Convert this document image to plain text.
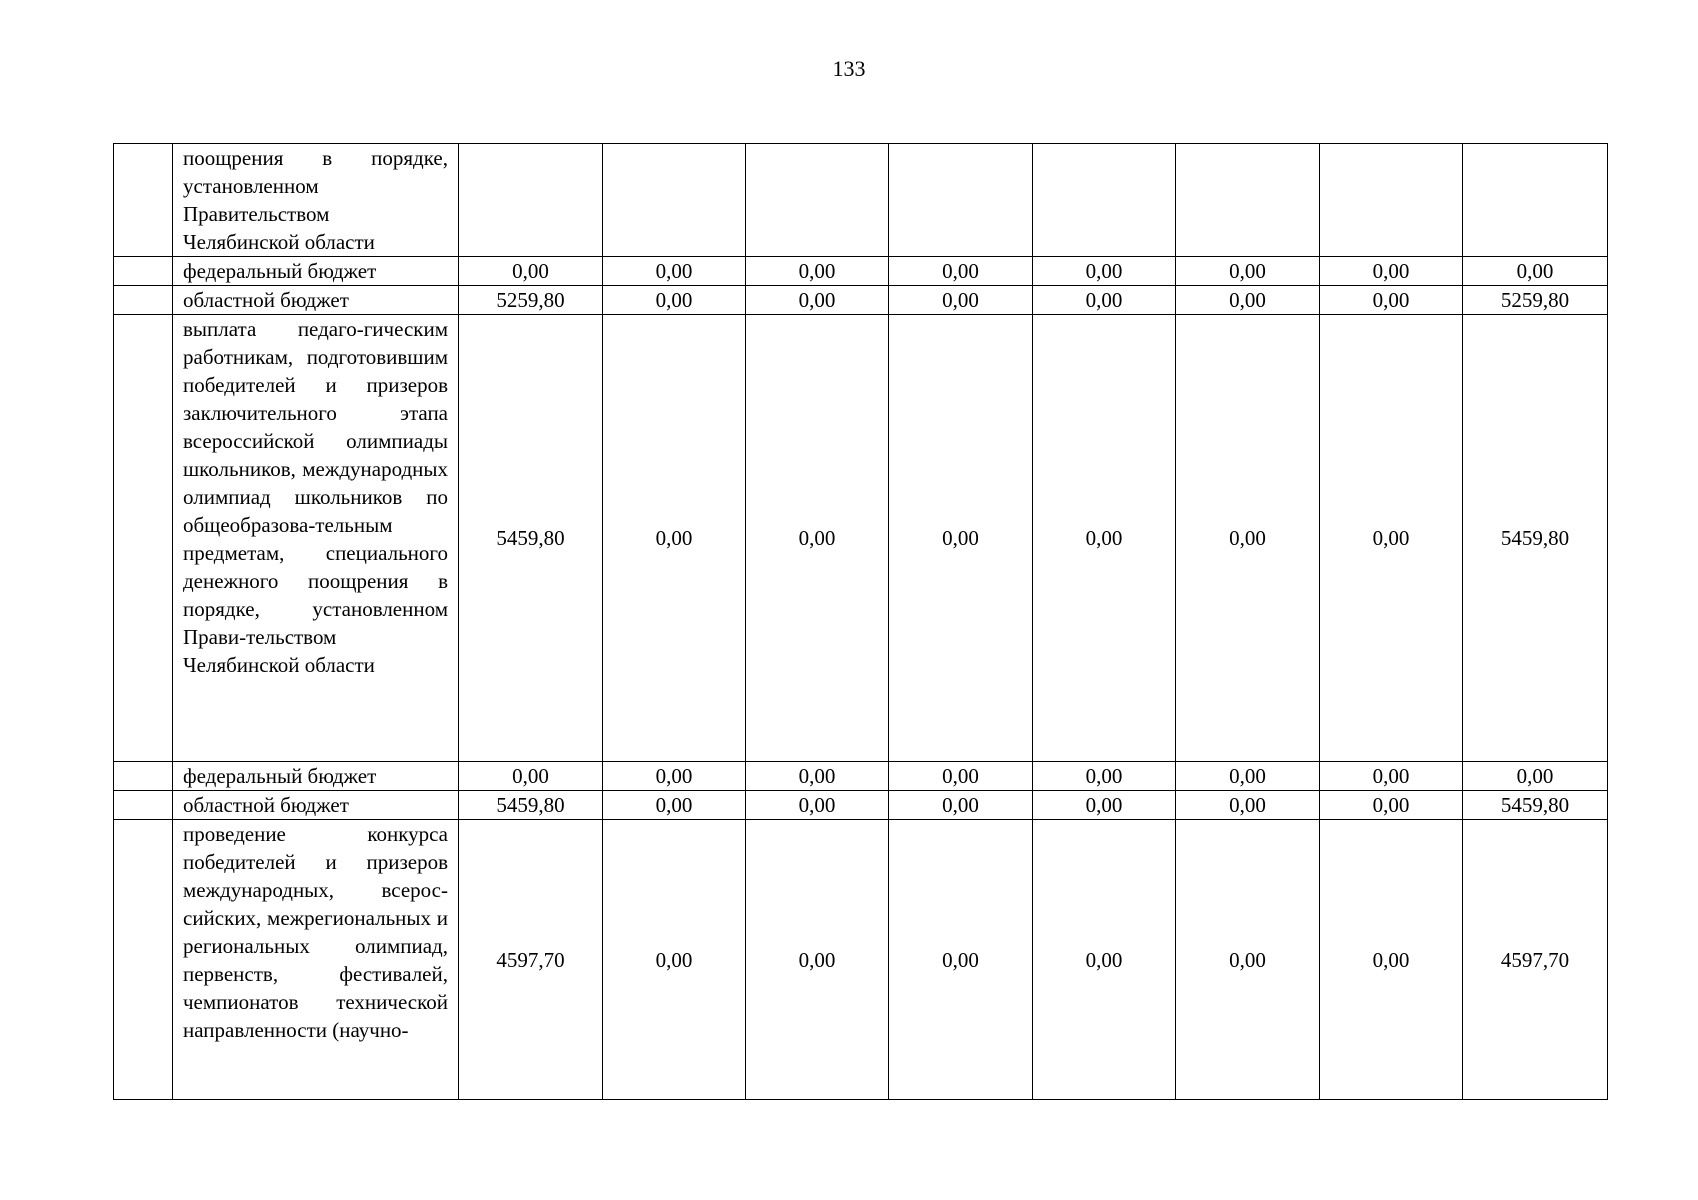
133
	поощрения в порядке, установленном Правительством Челябинской области								
	федеральный бюджет	0,00	0,00	0,00	0,00	0,00	0,00	0,00	0,00
	областной бюджет	5259,80	0,00	0,00	0,00	0,00	0,00	0,00	5259,80
	выплата педаго-гическим работникам, подготовившим победителей и призеров заключительного этапа всероссийской олимпиады школьников, международных олимпиад школьников по общеобразова-тельным предметам, специального денежного поощрения в порядке, установленном Прави-тельством Челябинской области	5459,80	0,00	0,00	0,00	0,00	0,00	0,00	5459,80
	федеральный бюджет	0,00	0,00	0,00	0,00	0,00	0,00	0,00	0,00
	областной бюджет	5459,80	0,00	0,00	0,00	0,00	0,00	0,00	5459,80
	проведение конкурса победителей и призеров международных, всерос-сийских, межрегиональных и региональных олимпиад, первенств, фестивалей, чемпионатов технической направленности (научно-	4597,70	0,00	0,00	0,00	0,00	0,00	0,00	4597,70
